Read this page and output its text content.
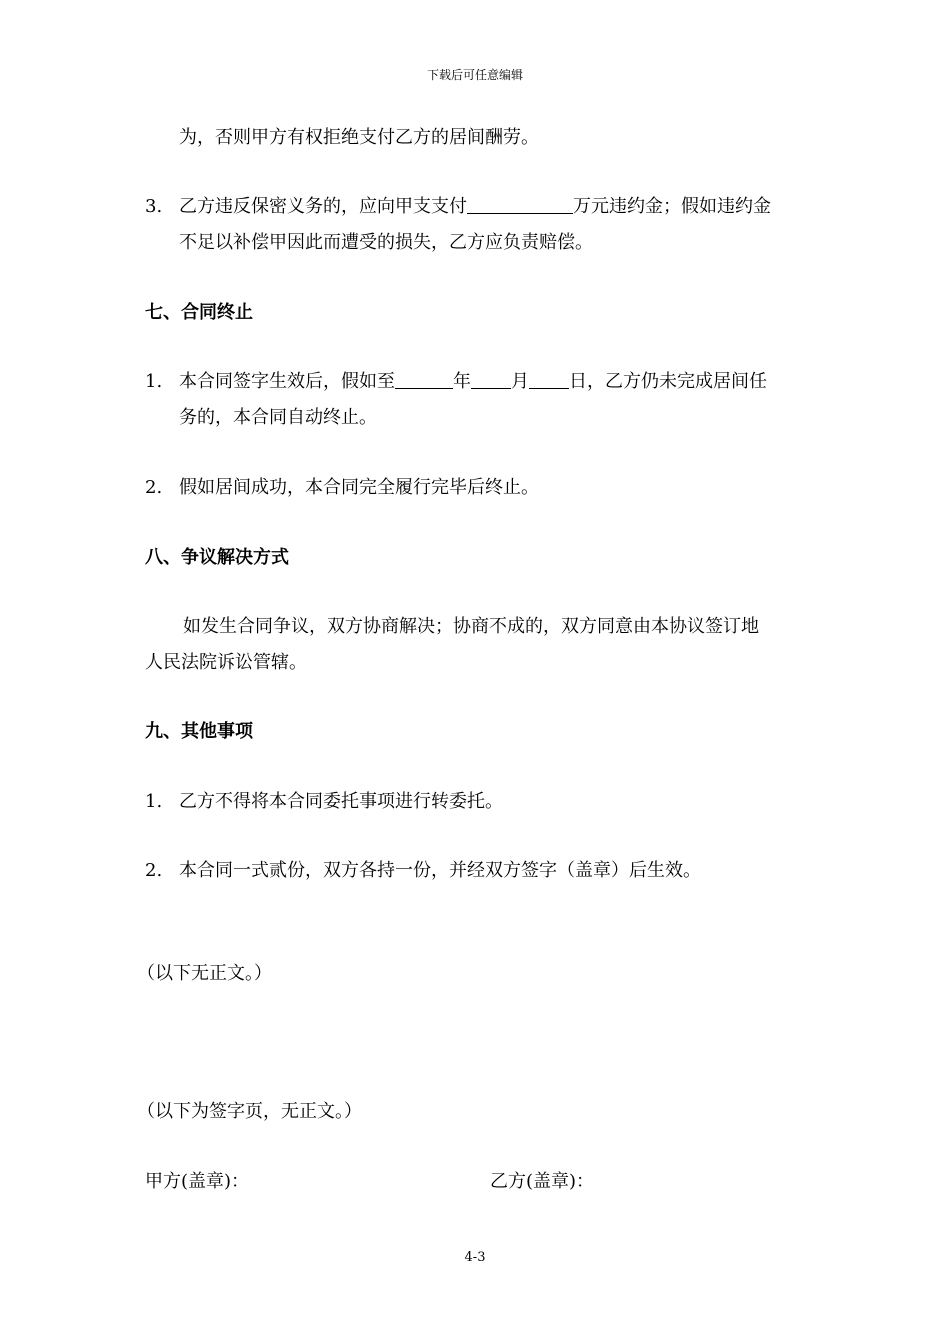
下载后可任意编辑
为，否则甲方有权拒绝支付乙方的居间酬劳。
3. 乙方违反保密义务的，应向甲支支付	万元违约金；假如违约金
不足以补偿甲因此而遭受的损失，乙方应负责赔偿。
七、合同终止
1. 本合同签字生效后，假如至	年 月 日，乙方仍未完成居间任
务的，本合同自动终止。
2. 假如居间成功，本合同完全履行完毕后终止。
八、争议解决方式
如发生合同争议，双方协商解决；协商不成的，双方同意由本协议签订地
人民法院诉讼管辖。
九、其他事项
1. 乙方不得将本合同委托事项进行转委托。
2. 本合同一式贰份，双方各持一份，并经双方签字（盖章）后生效。
（以下无正文。）
（以下为签字页，无正文。）
甲方(盖章)：	乙方(盖章)：
4-3
